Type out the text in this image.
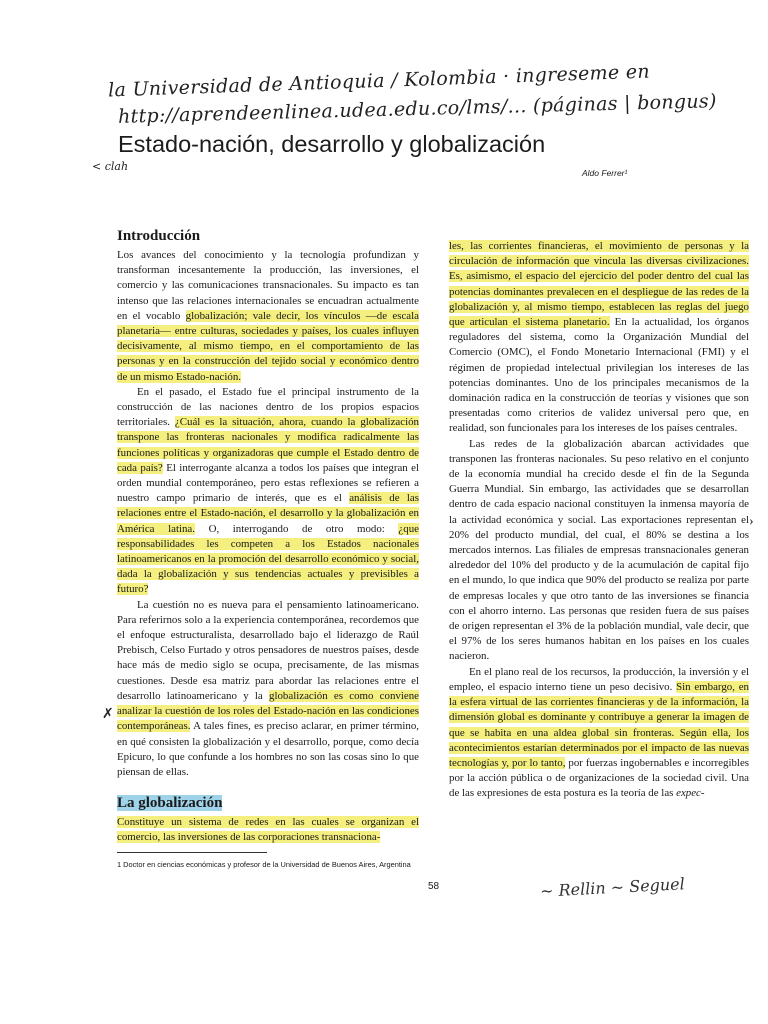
la Universidad de Antioquia / Kolombia · ingreseme en
http://aprendeenlinea.udea.edu.co/lms/... (páginas | bongus)
< clah
Estado-nación, desarrollo y globalización
Aldo Ferrer¹
Introducción

Los avances del conocimiento y la tecnología profundizan y transforman incesantemente la producción, las inversiones, el comercio y las comunicaciones transnacionales. Su impacto es tan intenso que las relaciones internacionales se encuadran actualmente en el vocablo globalización; vale decir, los vínculos —de escala planetaria— entre culturas, sociedades y países, los cuales influyen decisivamente, al mismo tiempo, en el comportamiento de las personas y en la construcción del tejido social y económico dentro de un mismo Estado-nación.

En el pasado, el Estado fue el principal instrumento de la construcción de las naciones dentro de los propios espacios territoriales. ¿Cuál es la situación, ahora, cuando la globalización transpone las fronteras nacionales y modifica radicalmente las funciones políticas y organizadoras que cumple el Estado dentro de cada país? El interrogante alcanza a todos los países que integran el orden mundial contemporáneo, pero estas reflexiones se refieren a nuestro campo primario de interés, que es el análisis de las relaciones entre el Estado-nación, el desarrollo y la globalización en América latina. O, interrogando de otro modo: ¿que responsabilidades les competen a los Estados nacionales latinoamericanos en la promoción del desarrollo económico y social, dada la globalización y sus tendencias actuales y previsibles a futuro?

La cuestión no es nueva para el pensamiento latinoamericano. Para referirnos solo a la experiencia contemporánea, recordemos que el enfoque estructuralista, desarrollado bajo el liderazgo de Raúl Prebisch, Celso Furtado y otros pensadores de nuestros países, desde hace más de medio siglo se ocupa, precisamente, de las mismas cuestiones. Desde esa matriz para abordar las relaciones entre el desarrollo latinoamericano y la globalización es como conviene analizar la cuestión de los roles del Estado-nación en las condiciones contemporáneas. A tales fines, es preciso aclarar, en primer término, en qué consisten la globalización y el desarrollo, porque, como decía Epicuro, lo que confunde a los hombres no son las cosas sino lo que piensan de ellas.

La globalización

Constituye un sistema de redes en las cuales se organizan el comercio, las inversiones de las corporaciones transnaciona-

les, las corrientes financieras, el movimiento de personas y la circulación de información que vincula las diversas civilizaciones. Es, asimismo, el espacio del ejercicio del poder dentro del cual las potencias dominantes prevalecen en el despliegue de las redes de la globalización y, al mismo tiempo, establecen las reglas del juego que articulan el sistema planetario. En la actualidad, los órganos reguladores del sistema, como la Organización Mundial del Comercio (OMC), el Fondo Monetario Internacional (FMI) y el régimen de propiedad intelectual privilegian los intereses de las potencias dominantes. Uno de los principales mecanismos de la dominación radica en la construcción de teorías y visiones que son presentadas como criterios de validez universal pero que, en realidad, son funcionales para los intereses de los países centrales.

Las redes de la globalización abarcan actividades que transponen las fronteras nacionales. Su peso relativo en el conjunto de la economía mundial ha crecido desde el fin de la Segunda Guerra Mundial. Sin embargo, las actividades que se desarrollan dentro de cada espacio nacional constituyen la inmensa mayoría de la actividad económica y social. Las exportaciones representan el 20% del producto mundial, del cual, el 80% se destina a los mercados internos. Las filiales de empresas transnacionales generan alrededor del 10% del producto y de la acumulación de capital fijo en el mundo, lo que indica que 90% del producto se realiza por parte de empresas locales y que otro tanto de las inversiones se financia con el ahorro interno. Las personas que residen fuera de sus países de origen representan el 3% de la población mundial, vale decir, que el 97% de los seres humanos habitan en los países en los cuales nacieron.

En el plano real de los recursos, la producción, la inversión y el empleo, el espacio interno tiene un peso decisivo. Sin embargo, en la esfera virtual de las corrientes financieras y de la información, la dimensión global es dominante y contribuye a generar la imagen de que se habita en una aldea global sin fronteras. Según ella, los acontecimientos estarían determinados por el impacto de las nuevas tecnologías y, por lo tanto, por fuerzas ingobernables e incorregibles por la acción pública o de organizaciones de la sociedad civil. Una de las expresiones de esta postura es la teoría de las expec-

1 Doctor en ciencias económicas y profesor de la Universidad de Buenos Aires, Argentina
58	~ Rellin ~ Seguel
✗
›
